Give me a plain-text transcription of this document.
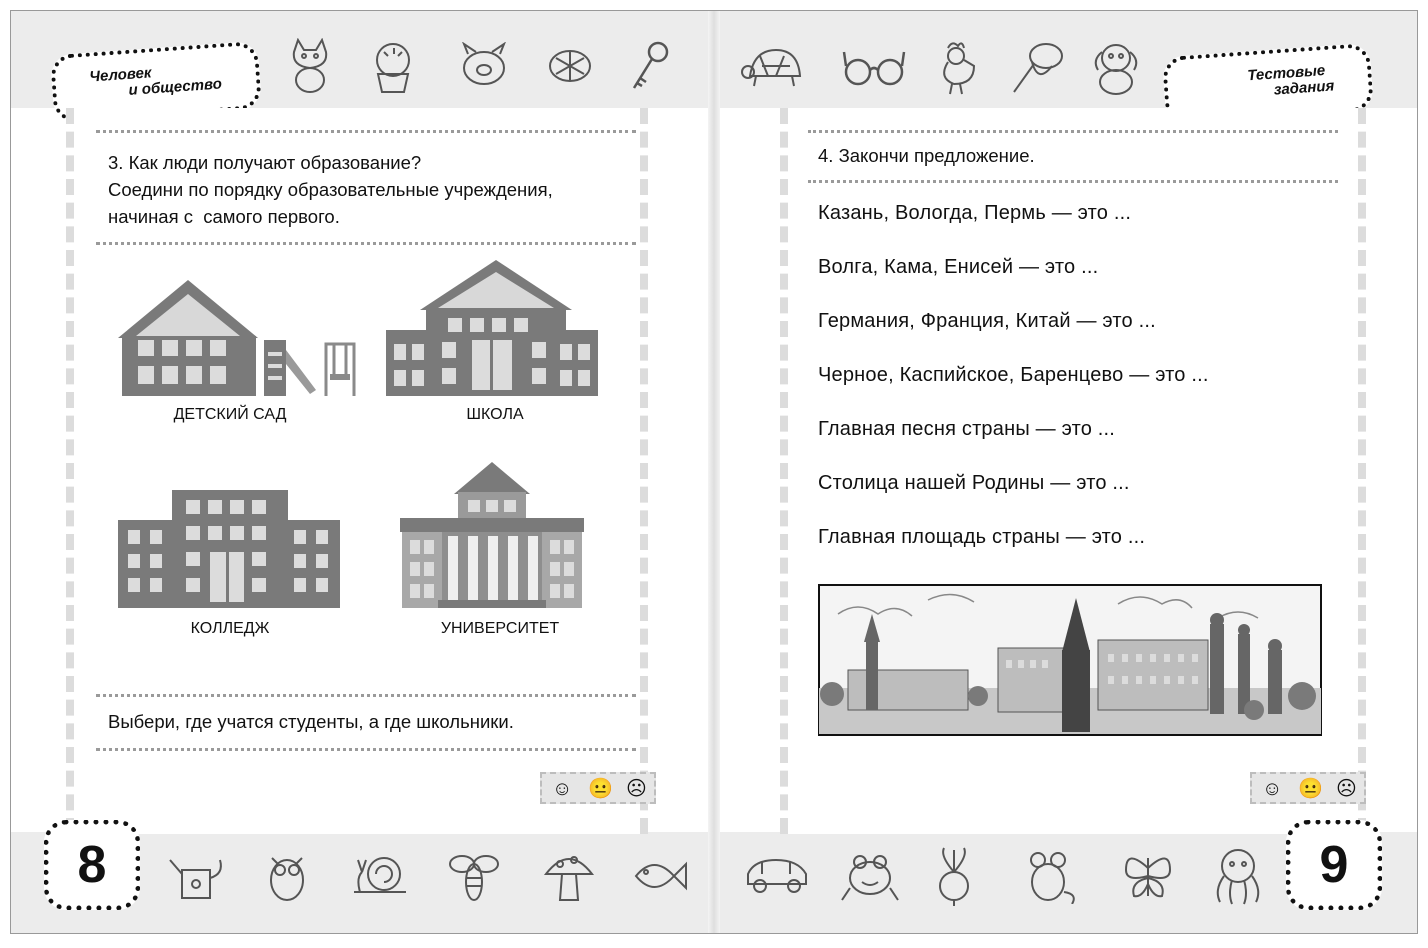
Человек
и общество
Тестовые
задания
3. Как люди получают образование?
Соедини по порядку образовательные учреждения,
начиная с  самого первого.
ДЕТСКИЙ САД	ШКОЛА
КОЛЛЕДЖ	УНИВЕРСИТЕТ
Выбери, где учатся студенты, а где школьники.
☺ 😐 ☹
4. Закончи предложение.
Казань, Вологда, Пермь — это ...
Волга, Кама, Енисей — это ...
Германия, Франция, Китай — это ...
Черное, Каспийское, Баренцево — это ...
Главная песня страны — это ...
Столица нашей Родины — это ...
Главная площадь страны — это ...
☺ 😐 ☹
8	9
